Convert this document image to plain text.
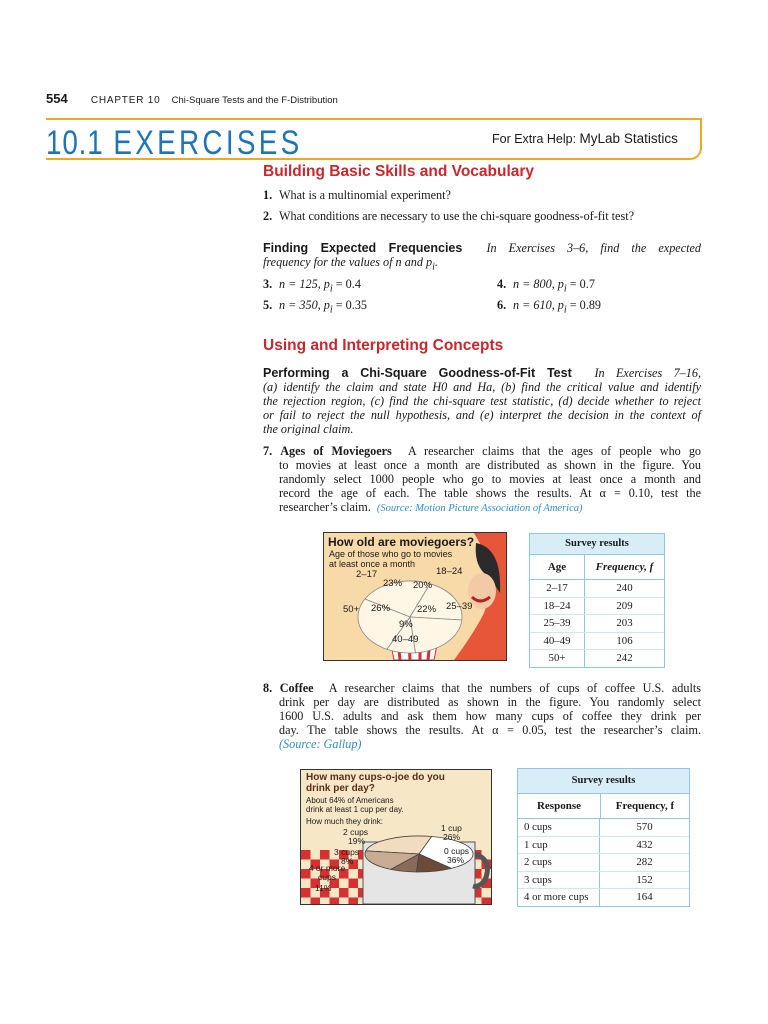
554 CHAPTER 10 Chi-Square Tests and the F-Distribution
10.1 EXERCISES	For Extra Help: MyLab Statistics
Building Basic Skills and Vocabulary
1. What is a multinomial experiment?
2. What conditions are necessary to use the chi-square goodness-of-fit test?
Finding Expected Frequencies In Exercises 3–6, find the expected
frequency for the values of n and $p_i$.
3. n = 125, $p_i = 0.4$	4. n = 800, $p_i = 0.7$
5. n = 350, $p_i = 0.35$	6. n = 610, $p_i = 0.89$
Using and Interpreting Concepts
Performing a Chi-Square Goodness-of-Fit Test In Exercises 7–16,
(a) identify the claim and state H0 and Ha, (b) find the critical value and identify
the rejection region, (c) find the chi-square test statistic, (d) decide whether to reject
or fail to reject the null hypothesis, and (e) interpret the decision in the context of
the original claim.
7. Ages of Moviegoers A researcher claims that the ages of people who go
to movies at least once a month are distributed as shown in the figure. You
randomly select 1000 people who go to movies at least once a month and
record the age of each. The table shows the results. At α = 0.10, test the
researcher’s claim. (Source: Motion Picture Association of America)
How old are moviegoers?
Age of those who go to movies
at least once a month
2–17
23%
18–24
20%
25–39
22%
40–49
9%
50+ 26%
Survey results
Age	Frequency, f
2–17	240
18–24	209
25–39	203
40–49	106
50+	242
8. Coffee A researcher claims that the numbers of cups of coffee U.S. adults
drink per day are distributed as shown in the figure. You randomly select
1600 U.S. adults and ask them how many cups of coffee they drink per
day. The table shows the results. At α = 0.05, test the researcher’s claim.
(Source: Gallup)
How many cups-o-joe do you
drink per day?
About 64% of Americans
drink at least 1 cup per day.
How much they drink:
1 cup
26%
0 cups
36%
4 or more cups
11%
3 cups
8%
2 cups
19%
Survey results
Response	Frequency, f
0 cups	570
1 cup	432
2 cups	282
3 cups	152
4 or more cups	164
